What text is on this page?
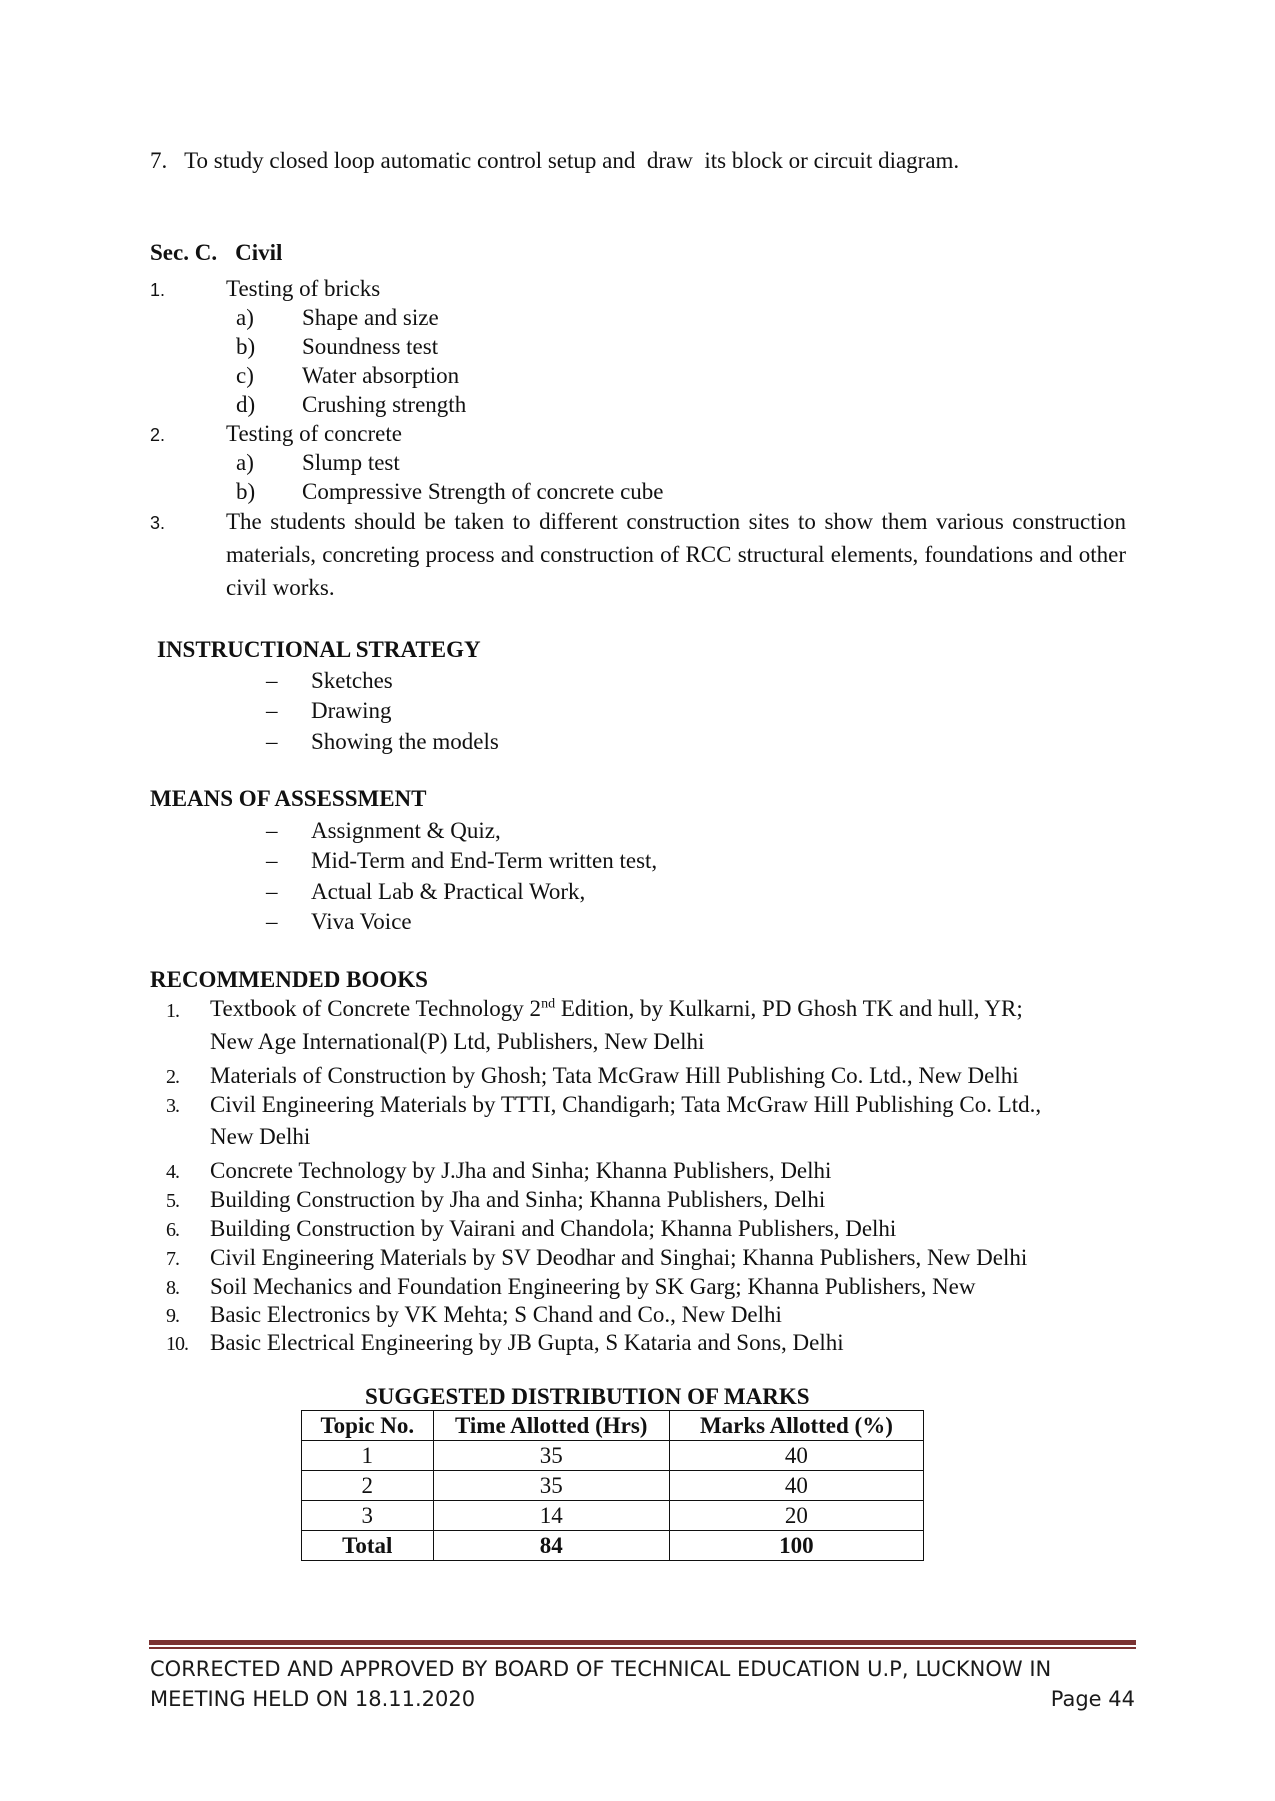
7. To study closed loop automatic control setup and  draw  its block or circuit diagram.
Sec. C. Civil
1.	Testing of bricks
a) Shape and size
b) Soundness test
c) Water absorption
d) Crushing strength
2.	Testing of concrete
a) Slump test
b) Compressive Strength of concrete cube
3.	The students should be taken to different construction sites to show them various construction materials, concreting process and construction of RCC structural elements, foundations and other civil works.
INSTRUCTIONAL STRATEGY
– Sketches
– Drawing
– Showing the models
MEANS OF ASSESSMENT
– Assignment & Quiz,
– Mid-Term and End-Term written test,
– Actual Lab & Practical Work,
– Viva Voice
RECOMMENDED BOOKS
1. Textbook of Concrete Technology 2nd Edition, by Kulkarni, PD Ghosh TK and hull, YR;
New Age International(P) Ltd, Publishers, New Delhi
2. Materials of Construction by Ghosh; Tata McGraw Hill Publishing Co. Ltd., New Delhi
3. Civil Engineering Materials by TTTI, Chandigarh; Tata McGraw Hill Publishing Co. Ltd.,
New Delhi
4. Concrete Technology by J.Jha and Sinha; Khanna Publishers, Delhi
5. Building Construction by Jha and Sinha; Khanna Publishers, Delhi
6. Building Construction by Vairani and Chandola; Khanna Publishers, Delhi
7. Civil Engineering Materials by SV Deodhar and Singhai; Khanna Publishers, New Delhi
8. Soil Mechanics and Foundation Engineering by SK Garg; Khanna Publishers, New
9. Basic Electronics by VK Mehta; S Chand and Co., New Delhi
10. Basic Electrical Engineering by JB Gupta, S Kataria and Sons, Delhi
SUGGESTED DISTRIBUTION OF MARKS
Topic No.	Time Allotted (Hrs)	Marks Allotted (%)
1	35	40
2	35	40
3	14	20
Total	84	100
CORRECTED AND APPROVED BY BOARD OF TECHNICAL EDUCATION U.P, LUCKNOW IN
MEETING HELD ON 18.11.2020	Page 44
